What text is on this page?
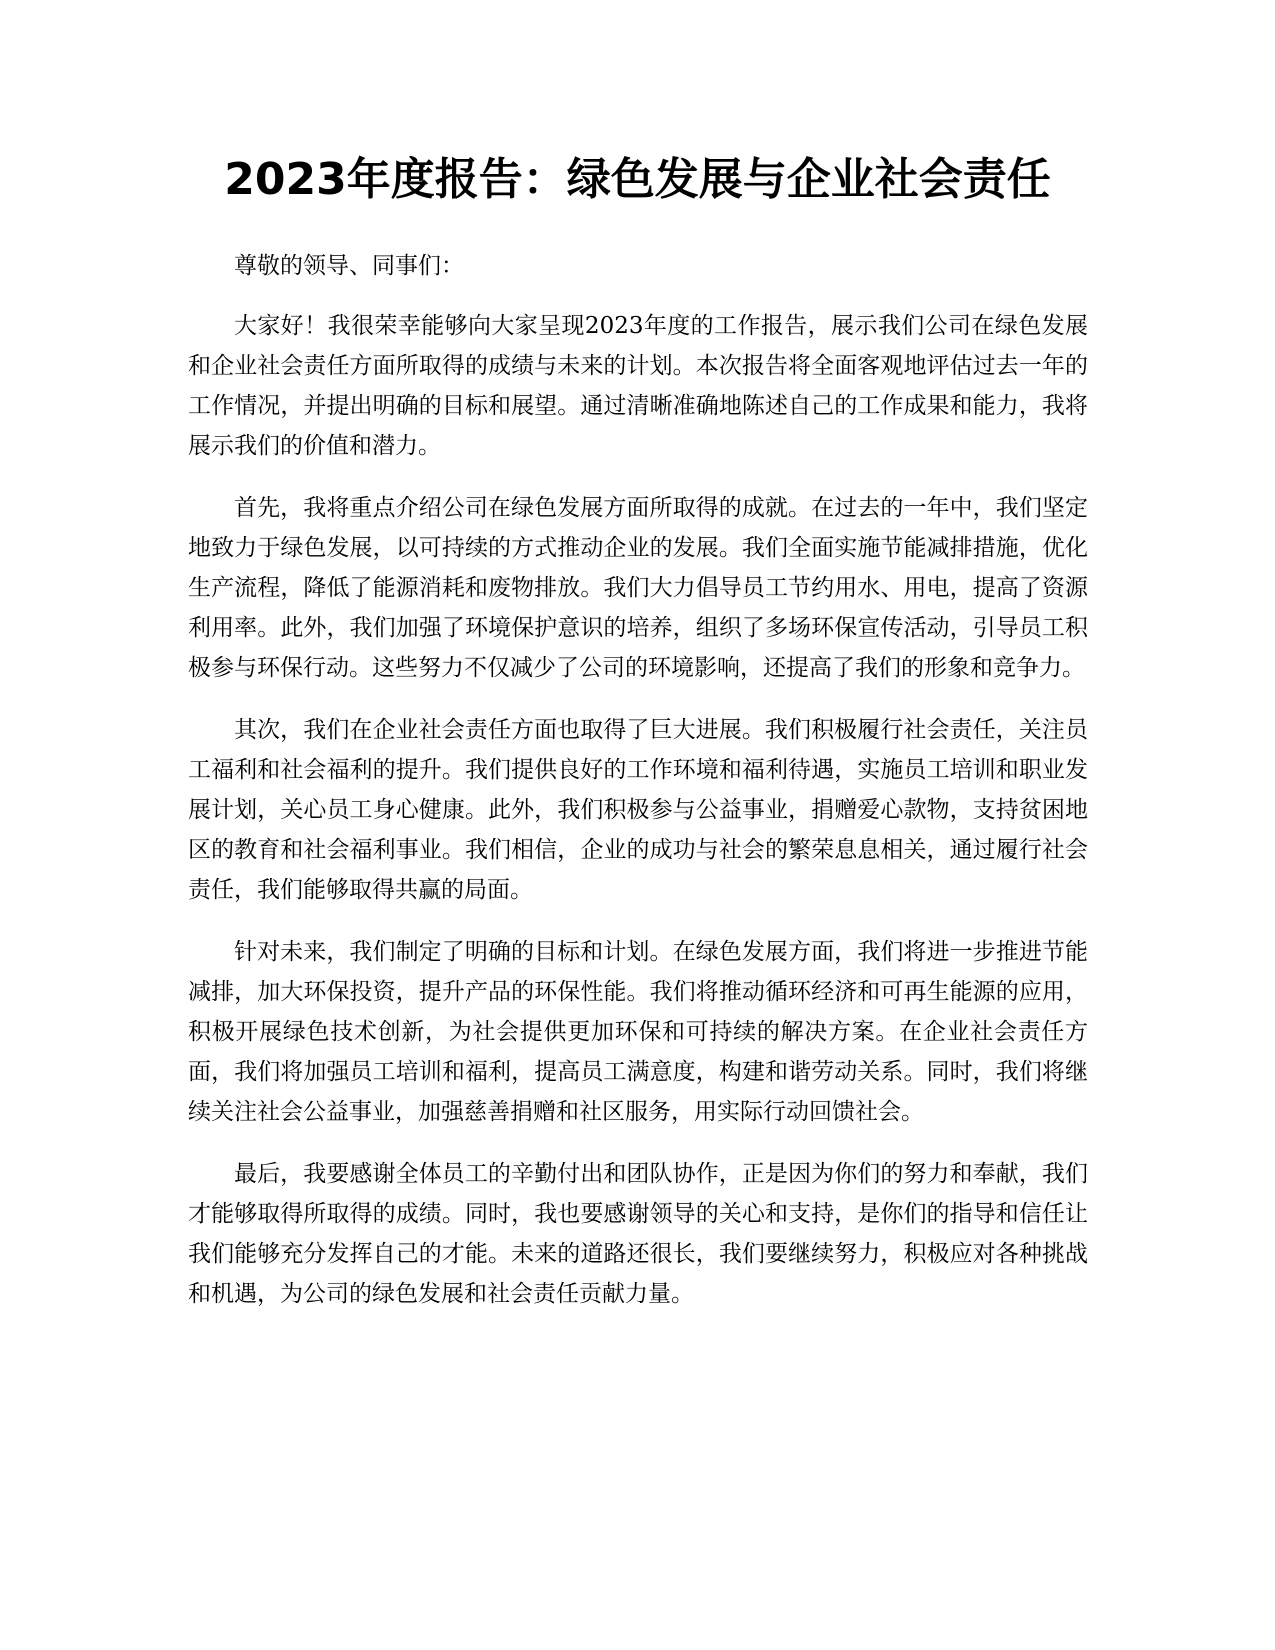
2023年度报告：绿色发展与企业社会责任

尊敬的领导、同事们：

大家好！我很荣幸能够向大家呈现2023年度的工作报告，展示我们公司在绿色发展和企业社会责任方面所取得的成绩与未来的计划。本次报告将全面客观地评估过去一年的工作情况，并提出明确的目标和展望。通过清晰准确地陈述自己的工作成果和能力，我将展示我们的价值和潜力。

首先，我将重点介绍公司在绿色发展方面所取得的成就。在过去的一年中，我们坚定地致力于绿色发展，以可持续的方式推动企业的发展。我们全面实施节能减排措施，优化生产流程，降低了能源消耗和废物排放。我们大力倡导员工节约用水、用电，提高了资源利用率。此外，我们加强了环境保护意识的培养，组织了多场环保宣传活动，引导员工积极参与环保行动。这些努力不仅减少了公司的环境影响，还提高了我们的形象和竞争力。

其次，我们在企业社会责任方面也取得了巨大进展。我们积极履行社会责任，关注员工福利和社会福利的提升。我们提供良好的工作环境和福利待遇，实施员工培训和职业发展计划，关心员工身心健康。此外，我们积极参与公益事业，捐赠爱心款物，支持贫困地区的教育和社会福利事业。我们相信，企业的成功与社会的繁荣息息相关，通过履行社会责任，我们能够取得共赢的局面。

针对未来，我们制定了明确的目标和计划。在绿色发展方面，我们将进一步推进节能减排，加大环保投资，提升产品的环保性能。我们将推动循环经济和可再生能源的应用，积极开展绿色技术创新，为社会提供更加环保和可持续的解决方案。在企业社会责任方面，我们将加强员工培训和福利，提高员工满意度，构建和谐劳动关系。同时，我们将继续关注社会公益事业，加强慈善捐赠和社区服务，用实际行动回馈社会。

最后，我要感谢全体员工的辛勤付出和团队协作，正是因为你们的努力和奉献，我们才能够取得所取得的成绩。同时，我也要感谢领导的关心和支持，是你们的指导和信任让我们能够充分发挥自己的才能。未来的道路还很长，我们要继续努力，积极应对各种挑战和机遇，为公司的绿色发展和社会责任贡献力量。
